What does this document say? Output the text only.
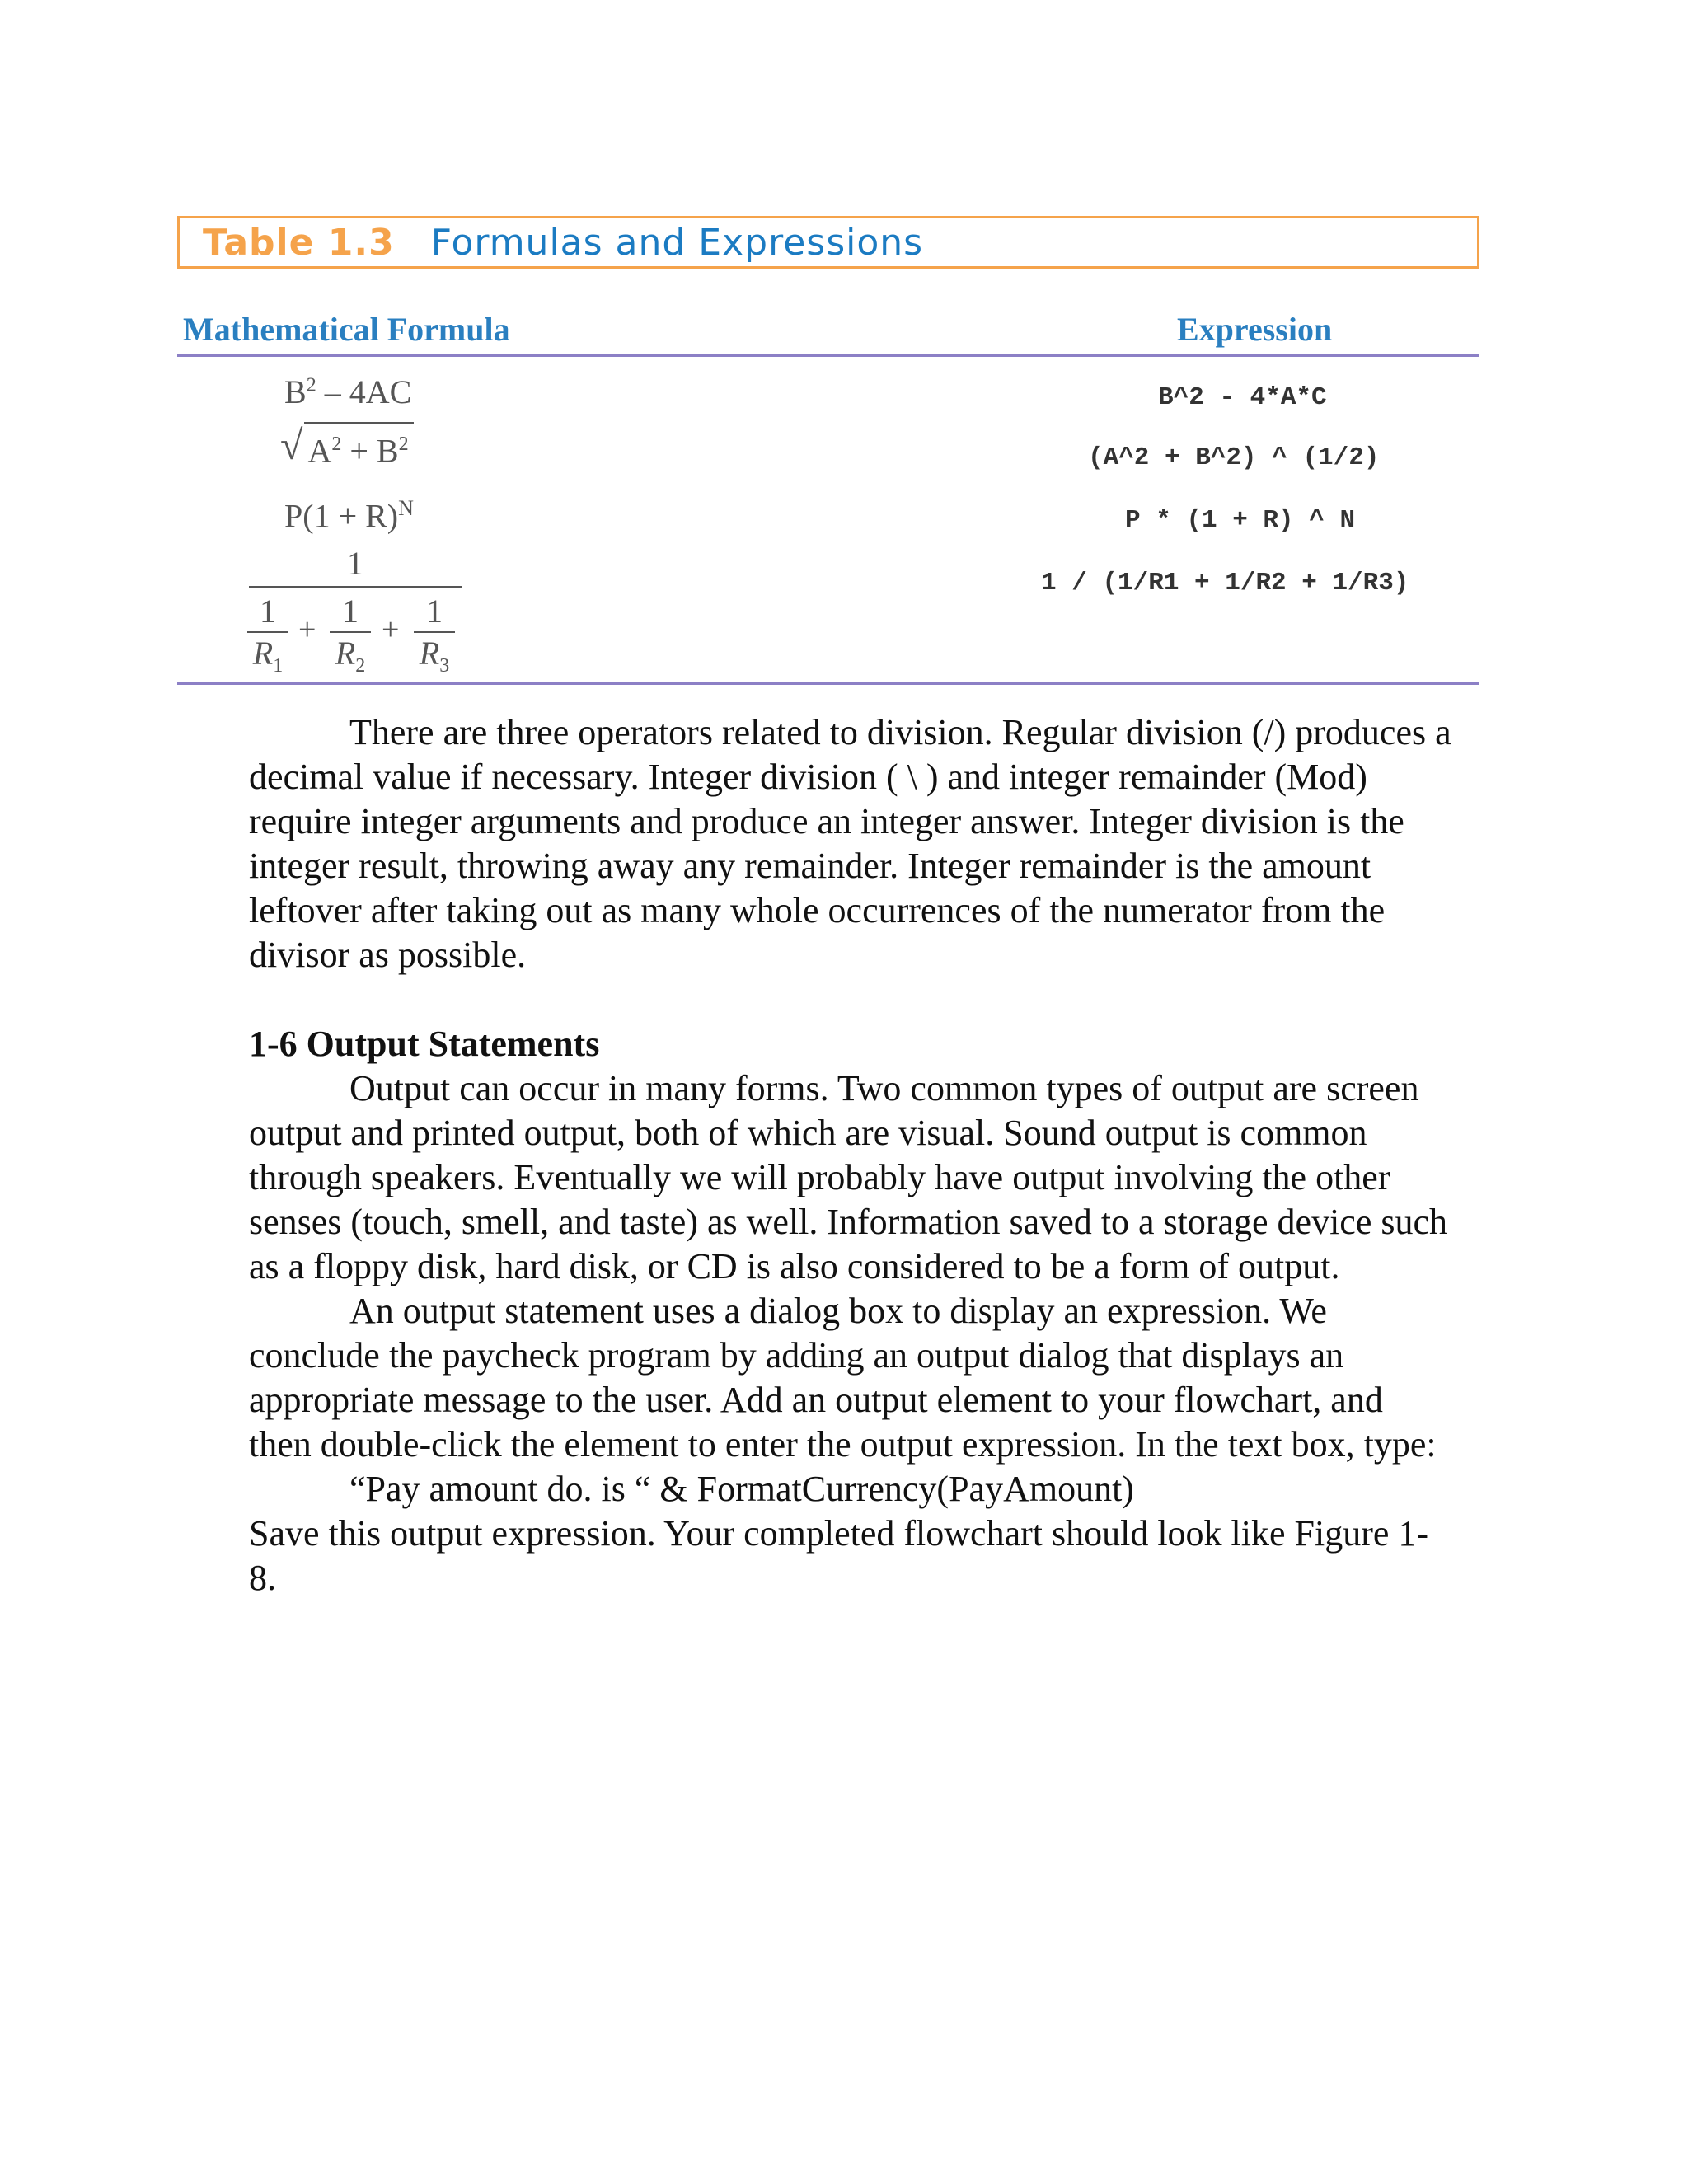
Table 1.3 Formulas and Expressions
Mathematical Formula	Expression
$B^2 - 4AC$
√ $A^2 + B^2$
$P(1 + R)^N$
1
1
$R_1$
+ 1
$R_2$
+ 1
$R_3$
B^2 - 4*A*C
(A^2 + B^2) ^ (1/2)
P * (1 + R) ^ N
1 / (1/R1 + 1/R2 + 1/R3)

There are three operators related to division. Regular division (/) produces a decimal value if necessary. Integer division ( \ ) and integer remainder (Mod) require integer arguments and produce an integer answer. Integer division is the integer result, throwing away any remainder. Integer remainder is the amount leftover after taking out as many whole occurrences of the numerator from the divisor as possible.

1-6 Output Statements

Output can occur in many forms. Two common types of output are screen output and printed output, both of which are visual. Sound output is common through speakers. Eventually we will probably have output involving the other senses (touch, smell, and taste) as well. Information saved to a storage device such as a floppy disk, hard disk, or CD is also considered to be a form of output.

An output statement uses a dialog box to display an expression. We conclude the paycheck program by adding an output dialog that displays an appropriate message to the user. Add an output element to your flowchart, and then double-click the element to enter the output expression. In the text box, type:

“Pay amount do. is “ & FormatCurrency(PayAmount)

Save this output expression. Your completed flowchart should look like Figure 1-8.
